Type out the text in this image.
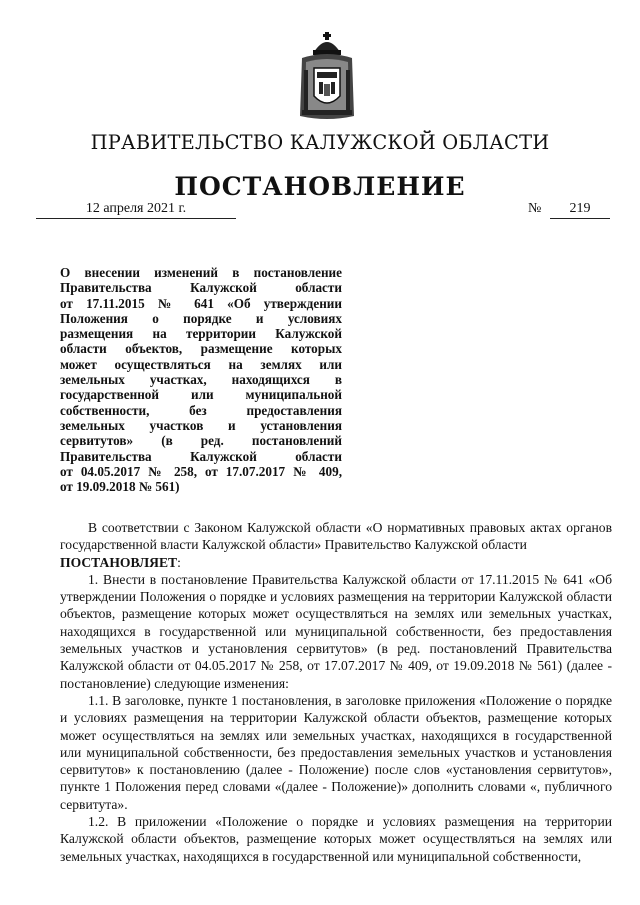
ПРАВИТЕЛЬСТВО КАЛУЖСКОЙ ОБЛАСТИ
ПОСТАНОВЛЕНИЕ
12 апреля 2021 г.	№	219
О внесении изменений в постановление
Правительства Калужской области
от 17.11.2015 № 641 «Об утверждении
Положения о порядке и условиях
размещения на территории Калужской
области объектов, размещение которых
может осуществляться на землях или
земельных участках, находящихся в
государственной или муниципальной
собственности, без предоставления
земельных участков и установления
сервитутов» (в ред. постановлений
Правительства Калужской области
от 04.05.2017 № 258, от 17.07.2017 № 409,
от 19.09.2018 № 561)

В соответствии с Законом Калужской области «О нормативных правовых актах органов государственной власти Калужской области» Правительство Калужской области

ПОСТАНОВЛЯЕТ:

1. Внести в постановление Правительства Калужской области от 17.11.2015 № 641 «Об утверждении Положения о порядке и условиях размещения на территории Калужской области объектов, размещение которых может осуществляться на землях или земельных участках, находящихся в государственной или муниципальной собственности, без предоставления земельных участков и установления сервитутов» (в ред. постановлений Правительства Калужской области от 04.05.2017 № 258, от 17.07.2017 № 409, от 19.09.2018 № 561) (далее - постановление) следующие изменения:

1.1. В заголовке, пункте 1 постановления, в заголовке приложения «Положение о порядке и условиях размещения на территории Калужской области объектов, размещение которых может осуществляться на землях или земельных участках, находящихся в государственной или муниципальной собственности, без предоставления земельных участков и установления сервитутов» к постановлению (далее - Положение) после слов «установления сервитутов», пункте 1 Положения перед словами «(далее - Положение)» дополнить словами «, публичного сервитута».

1.2. В приложении «Положение о порядке и условиях размещения на территории Калужской области объектов, размещение которых может осуществляться на землях или земельных участках, находящихся в государственной или муниципальной собственности,
